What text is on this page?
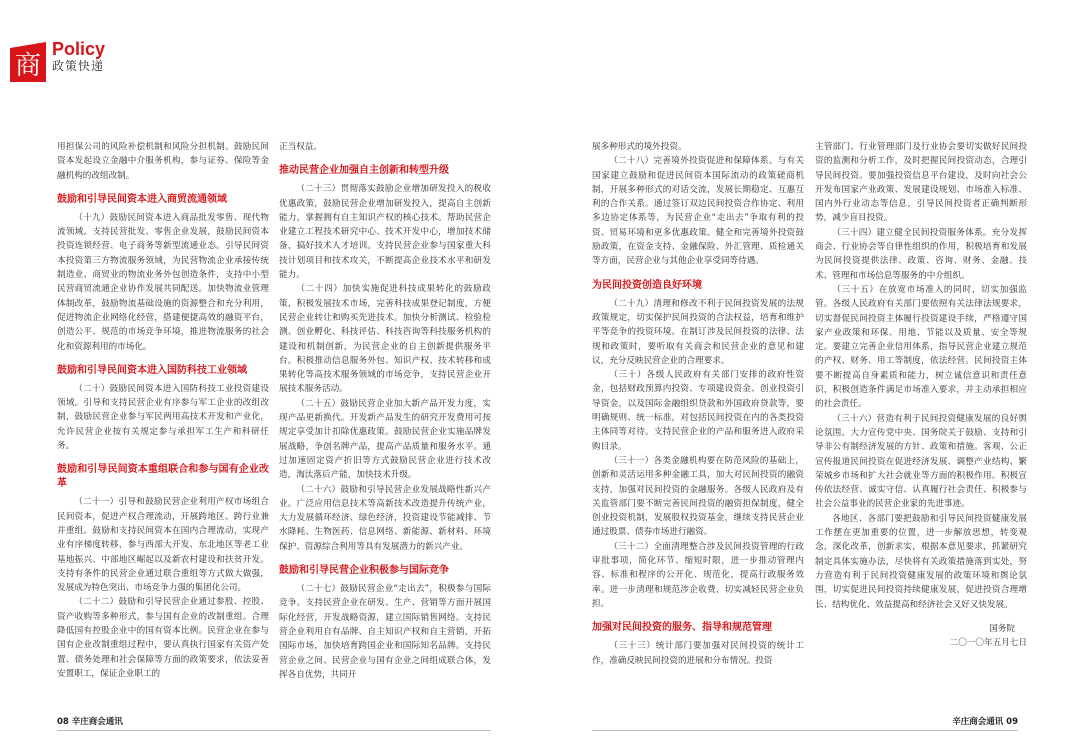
商
Policy
政策快递

用担保公司的风险补偿机制和风险分担机制。鼓励民间资本发起设立金融中介服务机构，参与证券、保险等金融机构的改组改制。

鼓励和引导民间资本进入商贸流通领域

（十九）鼓励民间资本进入商品批发零售、现代物流领域。支持民营批发、零售企业发展，鼓励民间资本投资连锁经营、电子商务等新型流通业态。引导民间资本投资第三方物流服务领域，为民营物流企业承接传统制造业、商贸业的物流业务外包创造条件，支持中小型民营商贸流通企业协作发展共同配送。加快物流业管理体制改革，鼓励物流基础设施的资源整合和充分利用，促进物流企业网络化经营，搭建便捷高效的融资平台，创造公平、规范的市场竞争环境，推进物流服务的社会化和资源利用的市场化。

鼓励和引导民间资本进入国防科技工业领域

（二十）鼓励民间资本进入国防科技工业投资建设领域。引导和支持民营企业有序参与军工企业的改组改制，鼓励民营企业参与军民两用高技术开发和产业化，允许民营企业按有关规定参与承担军工生产和科研任务。

鼓励和引导民间资本重组联合和参与国有企业改革

（二十一）引导和鼓励民营企业利用产权市场组合民间资本，促进产权合理流动，开展跨地区、跨行业兼并重组。鼓励和支持民间资本在国内合理流动，实现产业有序梯度转移，参与西部大开发、东北地区等老工业基地振兴、中部地区崛起以及新农村建设和扶贫开发。支持有条件的民营企业通过联合重组等方式做大做强，发展成为特色突出、市场竞争力强的集团化公司。

（二十二）鼓励和引导民营企业通过参股、控股、资产收购等多种形式，参与国有企业的改制重组。合理降低国有控股企业中的国有资本比例。民营企业在参与国有企业改制重组过程中，要认真执行国家有关资产处置、债务处理和社会保障等方面的政策要求，依法妥善安置职工，保证企业职工的

正当权益。

推动民营企业加强自主创新和转型升级

（二十三）贯彻落实鼓励企业增加研发投入的税收优惠政策，鼓励民营企业增加研发投入，提高自主创新能力，掌握拥有自主知识产权的核心技术。帮助民营企业建立工程技术研究中心、技术开发中心，增加技术储备，搞好技术人才培训。支持民营企业参与国家重大科技计划项目和技术攻关，不断提高企业技术水平和研发能力。

（二十四）加快实施促进科技成果转化的鼓励政策，积极发展技术市场，完善科技成果登记制度，方便民营企业转让和购买先进技术。加快分析测试、检验检测、创业孵化、科技评估、科技咨询等科技服务机构的建设和机制创新，为民营企业的自主创新提供服务平台。积极推动信息服务外包、知识产权、技术转移和成果转化等高技术服务领域的市场竞争，支持民营企业开展技术服务活动。

（二十五）鼓励民营企业加大新产品开发力度，实现产品更新换代。开发新产品发生的研究开发费用可按规定享受加计扣除优惠政策。鼓励民营企业实施品牌发展战略，争创名牌产品，提高产品质量和服务水平。通过加速固定资产折旧等方式鼓励民营企业进行技术改造，淘汰落后产能，加快技术升级。

（二十六）鼓励和引导民营企业发展战略性新兴产业。广泛应用信息技术等高新技术改造提升传统产业，大力发展循环经济、绿色经济，投资建设节能减排、节水降耗、生物医药、信息网络、新能源、新材料、环境保护、资源综合利用等具有发展潜力的新兴产业。

鼓励和引导民营企业积极参与国际竞争

（二十七）鼓励民营企业“走出去”，积极参与国际竞争。支持民营企业在研发、生产、营销等方面开展国际化经营，开发战略资源，建立国际销售网络。支持民营企业利用自有品牌、自主知识产权和自主营销，开拓国际市场，加快培育跨国企业和国际知名品牌。支持民营企业之间、民营企业与国有企业之间组成联合体，发挥各自优势，共同开

展多种形式的境外投资。

（二十八）完善境外投资促进和保障体系。与有关国家建立鼓励和促进民间资本国际流动的政策磋商机制，开展多种形式的对话交流，发展长期稳定、互惠互利的合作关系。通过签订双边民间投资合作协定、利用多边协定体系等，为民营企业“走出去”争取有利的投资、贸易环境和更多优惠政策。健全和完善境外投资鼓励政策，在资金支持、金融保险、外汇管理、质检通关等方面，民营企业与其他企业享受同等待遇。

为民间投资创造良好环境

（二十九）清理和修改不利于民间投资发展的法规政策规定，切实保护民间投资的合法权益，培育和维护平等竞争的投资环境。在制订涉及民间投资的法律、法规和政策时，要听取有关商会和民营企业的意见和建议，充分反映民营企业的合理要求。

（三十）各级人民政府有关部门安排的政府性资金，包括财政预算内投资、专项建设资金、创业投资引导资金，以及国际金融组织贷款和外国政府贷款等，要明确规则、统一标准，对包括民间投资在内的各类投资主体同等对待。支持民营企业的产品和服务进入政府采购目录。

（三十一）各类金融机构要在防范风险的基础上，创新和灵活运用多种金融工具，加大对民间投资的融资支持，加强对民间投资的金融服务。各级人民政府及有关监管部门要不断完善民间投资的融资担保制度，健全创业投资机制，发展股权投资基金，继续支持民营企业通过股票、债券市场进行融资。

（三十二）全面清理整合涉及民间投资管理的行政审批事项，简化环节、缩短时限，进一步推动管理内容、标准和程序的公开化、规范化，提高行政服务效率。进一步清理和规范涉企收费，切实减轻民营企业负担。

加强对民间投资的服务、指导和规范管理

（三十三）统计部门要加强对民间投资的统计工作，准确反映民间投资的进展和分布情况。投资

主管部门、行业管理部门及行业协会要切实做好民间投资的监测和分析工作，及时把握民间投资动态，合理引导民间投资。要加强投资信息平台建设，及时向社会公开发布国家产业政策、发展建设规划、市场准入标准、国内外行业动态等信息，引导民间投资者正确判断形势，减少盲目投资。

（三十四）建立健全民间投资服务体系。充分发挥商会、行业协会等自律性组织的作用，积极培育和发展为民间投资提供法律、政策、咨询、财务、金融、技术、管理和市场信息等服务的中介组织。

（三十五）在放宽市场准入的同时，切实加强监管。各级人民政府有关部门要依照有关法律法规要求，切实督促民间投资主体履行投资建设手续，严格遵守国家产业政策和环保、用地、节能以及质量、安全等规定。要建立完善企业信用体系，指导民营企业建立规范的产权、财务、用工等制度，依法经营。民间投资主体要不断提高自身素质和能力，树立诚信意识和责任意识，积极创造条件满足市场准入要求，并主动承担相应的社会责任。

（三十六）营造有利于民间投资健康发展的良好舆论氛围。大力宣传党中央、国务院关于鼓励、支持和引导非公有制经济发展的方针、政策和措施。客观、公正宣传报道民间投资在促进经济发展、调整产业结构、繁荣城乡市场和扩大社会就业等方面的积极作用。积极宣传依法经营、诚实守信、认真履行社会责任、积极参与社会公益事业的民营企业家的先进事迹。

各地区、各部门要把鼓励和引导民间投资健康发展工作摆在更加重要的位置，进一步解放思想，转变观念，深化改革，创新求实，根据本意见要求，抓紧研究制定具体实施办法，尽快将有关政策措施落到实处，努力营造有利于民间投资健康发展的政策环境和舆论氛围，切实促进民间投资持续健康发展，促进投资合理增长、结构优化、效益提高和经济社会又好又快发展。

国务院
二〇一〇年五月七日
08 辛庄商会通讯	辛庄商会通讯 09
